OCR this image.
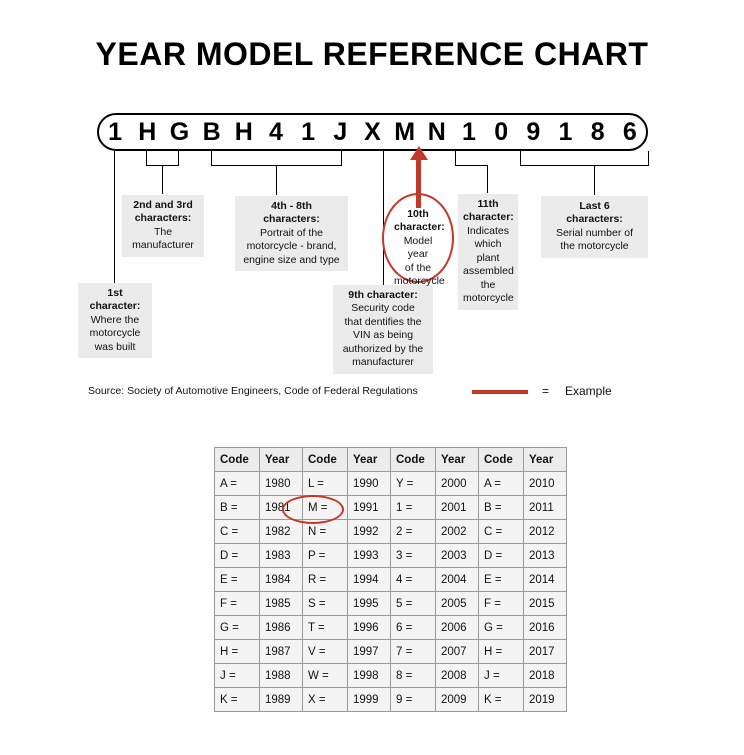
YEAR MODEL REFERENCE CHART
1 H G B H 4 1 J X M N 1 0 9 1 8 6
1st
character:
Where the
motorcycle
was built
2nd and 3rd
characters:
The
manufacturer
4th - 8th
characters:
Portrait of the
motorcycle - brand,
engine size and type
9th character:
Security code
that dentifies the
VIN as being
authorized by the
manufacturer
10th
character:
Model year
of the
motorcycle
11th
character:
Indicates
which plant
assembled
the
motorcycle
Last 6
characters:
Serial number of
the motorcycle
Source: Society of Automotive Engineers, Code of Federal Regulations	= Example
Code	Year	Code	Year	Code	Year	Code	Year
A =	1980	L =	1990	Y =	2000	A =	2010
B =	1981	M =	1991	1 =	2001	B =	2011
C =	1982	N =	1992	2 =	2002	C =	2012
D =	1983	P =	1993	3 =	2003	D =	2013
E =	1984	R =	1994	4 =	2004	E =	2014
F =	1985	S =	1995	5 =	2005	F =	2015
G =	1986	T =	1996	6 =	2006	G =	2016
H =	1987	V =	1997	7 =	2007	H =	2017
J =	1988	W =	1998	8 =	2008	J =	2018
K =	1989	X =	1999	9 =	2009	K =	2019
